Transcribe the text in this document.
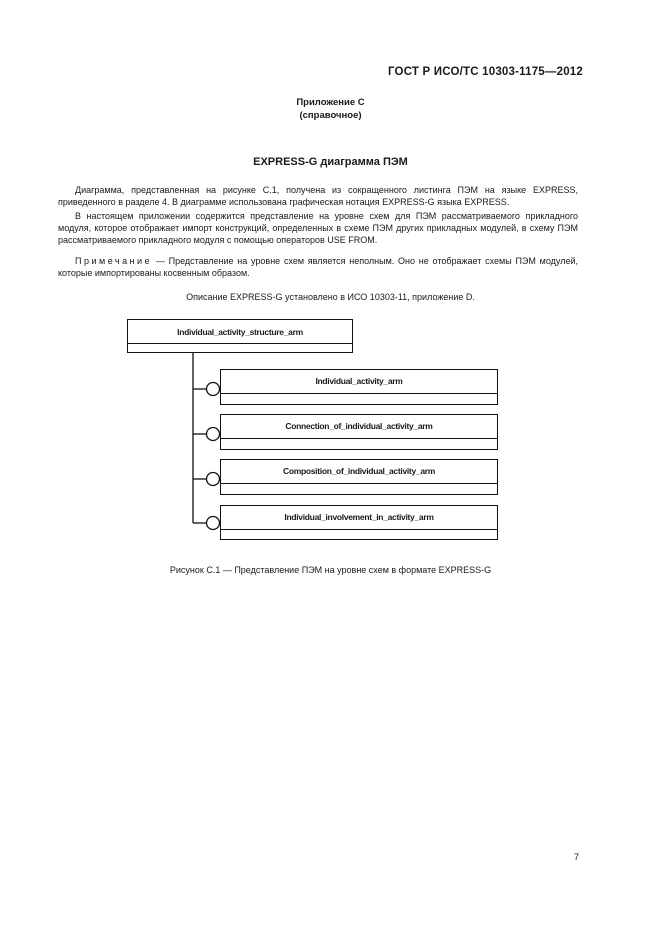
ГОСТ Р ИСО/ТС 10303-1175—2012
Приложение С
(справочное)
EXPRESS-G диаграмма ПЭМ
Диаграмма, представленная на рисунке С.1, получена из сокращенного листинга ПЭМ на языке EXPRESS, приведенного в разделе 4. В диаграмме использована графическая нотация EXPRESS-G языка EXPRESS.
В настоящем приложении содержится представление на уровне схем для ПЭМ рассматриваемого прикладного модуля, которое отображает импорт конструкций, определенных в схеме ПЭМ других прикладных модулей, в схему ПЭМ рассматриваемого прикладного модуля с помощью операторов USE FROM.
Примечание — Представление на уровне схем является неполным. Оно не отображает схемы ПЭМ модулей, которые импортированы косвенным образом.
Описание EXPRESS-G установлено в ИСО 10303-11, приложение D.
Individual_activity_structure_arm
Individual_activity_arm
Connection_of_individual_activity_arm
Composition_of_individual_activity_arm
Individual_involvement_in_activity_arm
Рисунок С.1 — Представление ПЭМ на уровне схем в формате EXPRESS-G
7
